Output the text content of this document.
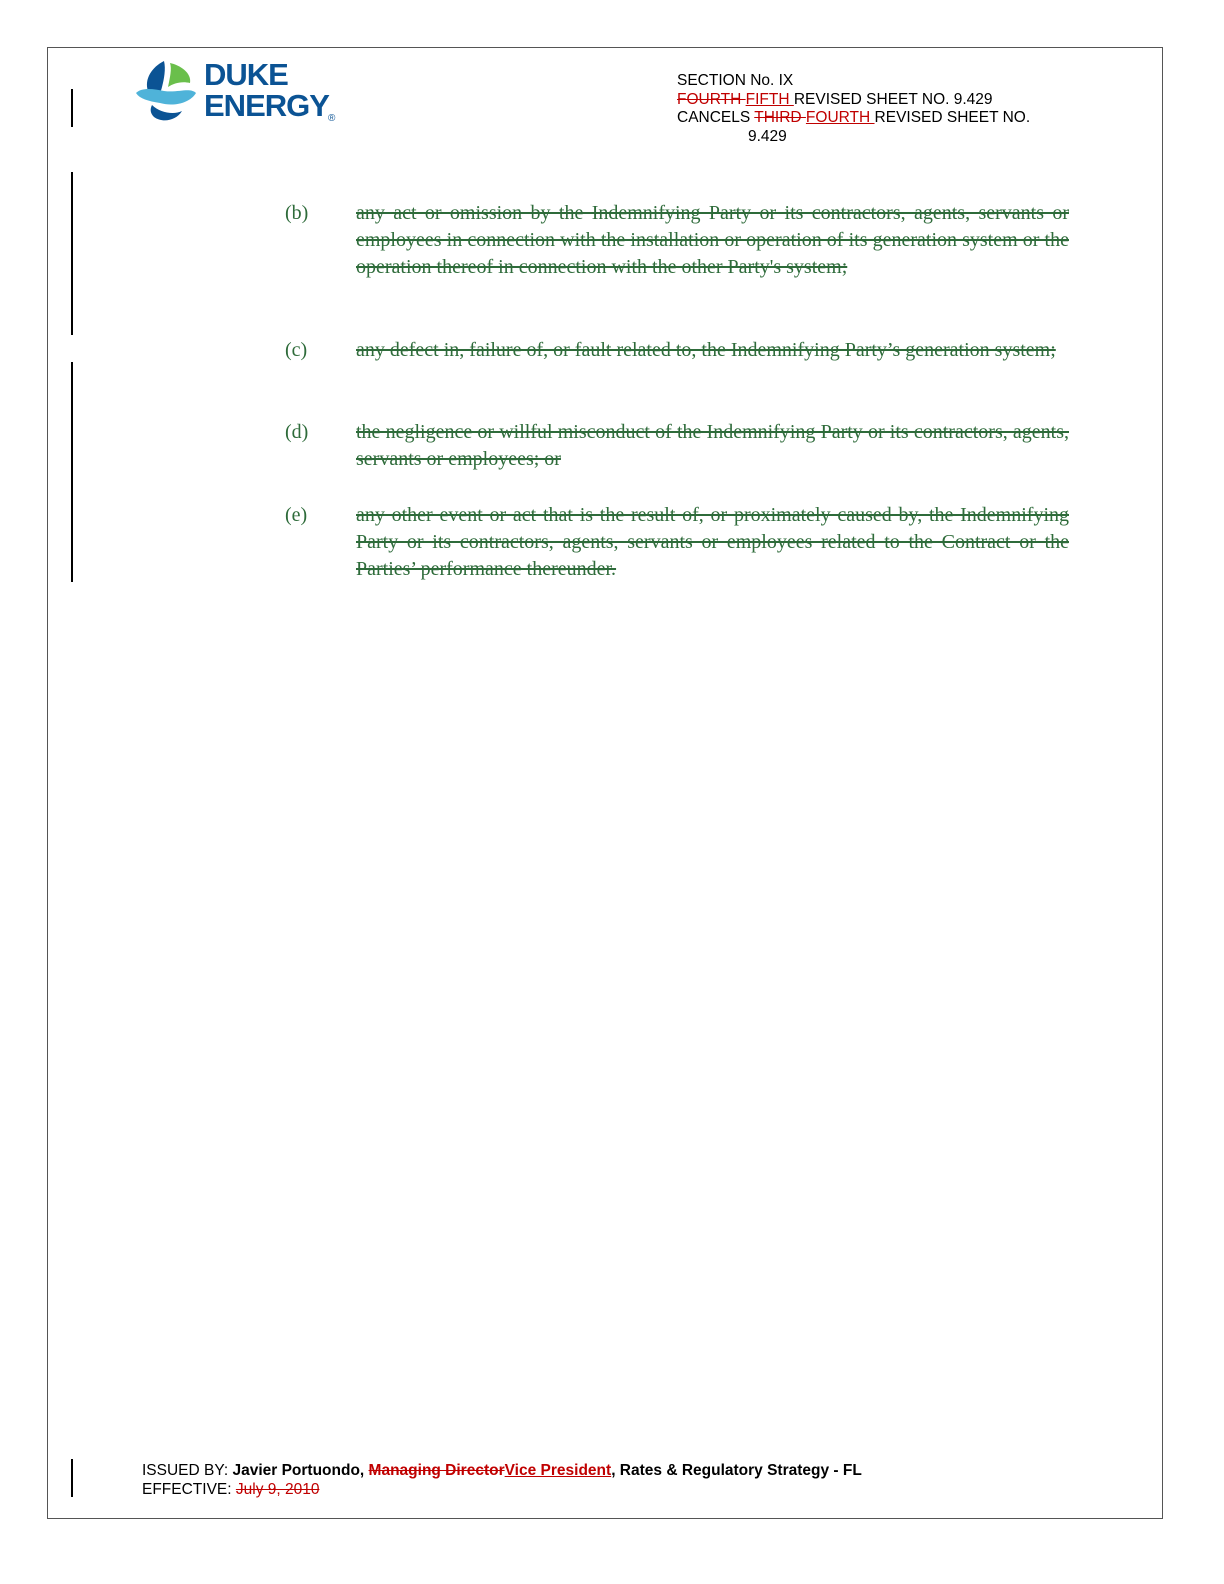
DUKE
ENERGY ®
SECTION No. IX
FOURTH FIFTH REVISED SHEET NO. 9.429
CANCELS THIRD FOURTH REVISED SHEET NO.
9.429
(b) any act or omission by the Indemnifying Party or its contractors, agents, servants or employees in connection with the installation or operation of its generation system or the operation thereof in connection with the other Party's system;
(c) any defect in, failure of, or fault related to, the Indemnifying Party’s generation system;
(d) the negligence or willful misconduct of the Indemnifying Party or its contractors, agents, servants or employees; or
(e) any other event or act that is the result of, or proximately caused by, the Indemnifying Party or its contractors, agents, servants or employees related to the Contract or the Parties’ performance thereunder.
ISSUED BY: Javier Portuondo, Managing DirectorVice President, Rates & Regulatory Strategy - FL
EFFECTIVE: July 9, 2010
